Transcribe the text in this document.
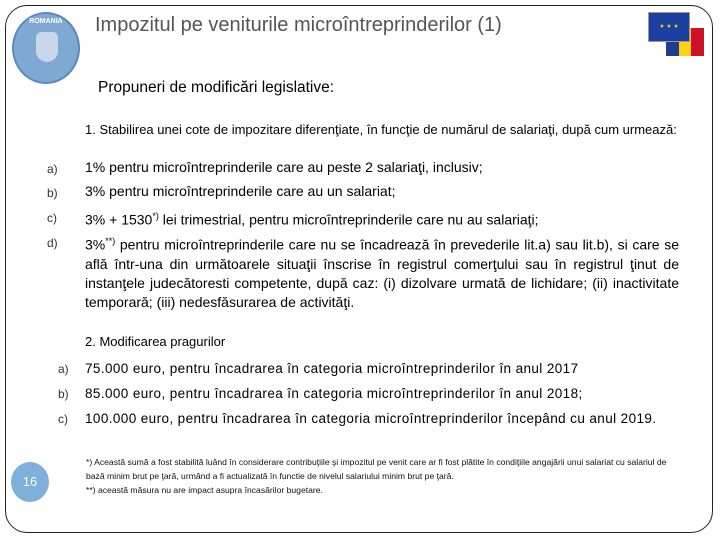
ROMANIA	Impozitul pe veniturile microîntreprinderilor (1)	★ ★ ★
Propuneri de modificări legislative:
1. Stabilirea unei cote de impozitare diferenţiate, în funcţie de numărul de salariaţi, după cum urmează:
a) 1% pentru microîntreprinderile care au peste 2 salariaţi, inclusiv;
b) 3% pentru microîntreprinderile care au un salariat;
c) 3% + 1530*) lei trimestrial, pentru microîntreprinderile care nu au salariaţi;
d) 3%**) pentru microîntreprinderile care nu se încadrează în prevederile lit.a) sau lit.b), si care se află într-una din următoarele situaţii înscrise în registrul comerţului sau în registrul ţinut de instanţele judecătoresti competente, după caz: (i) dizolvare urmată de lichidare; (ii) inactivitate temporară; (iii) nedesfăsurarea de activităţi.
2. Modificarea pragurilor
a) 75.000 euro, pentru încadrarea în categoria microîntreprinderilor în anul 2017
b) 85.000 euro, pentru încadrarea în categoria microîntreprinderilor în anul 2018;
c) 100.000 euro, pentru încadrarea în categoria microîntreprinderilor începând cu anul 2019.
*) Această sumă a fost stabilită luând în considerare contribuţiile şi impozitul pe venit care ar fi fost plătite în condiţiile angajării unui salariat cu salariul de bază minim brut pe ţară, urmând a fi actualizată în functie de nivelul salariului minim brut pe ţară.
**) această măsura nu are impact asupra încasărilor bugetare.
16
